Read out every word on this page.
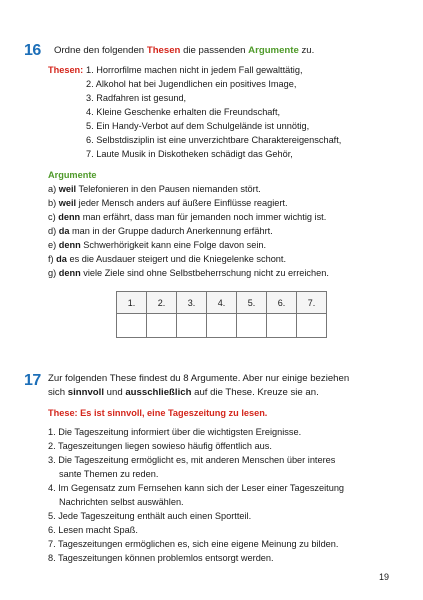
16 Ordne den folgenden Thesen die passenden Argumente zu.
Thesen: 1. Horrorfilme machen nicht in jedem Fall gewalttätig,
2. Alkohol hat bei Jugendlichen ein positives Image,
3. Radfahren ist gesund,
4. Kleine Geschenke erhalten die Freundschaft,
5. Ein Handy-Verbot auf dem Schulgelände ist unnötig,
6. Selbstdisziplin ist eine unverzichtbare Charaktereigenschaft,
7. Laute Musik in Diskotheken schädigt das Gehör,
Argumente
a) weil Telefonieren in den Pausen niemanden stört.
b) weil jeder Mensch anders auf äußere Einflüsse reagiert.
c) denn man erfährt, dass man für jemanden noch immer wichtig ist.
d) da man in der Gruppe dadurch Anerkennung erfährt.
e) denn Schwerhörigkeit kann eine Folge davon sein.
f) da es die Ausdauer steigert und die Kniegelenke schont.
g) denn viele Ziele sind ohne Selbstbeherrschung nicht zu erreichen.
1.	2.	3.	4.	5.	6.	7.

17 Zur folgenden These findest du 8 Argumente. Aber nur einige beziehen
sich sinnvoll und ausschließlich auf die These. Kreuze sie an.
These: Es ist sinnvoll, eine Tageszeitung zu lesen.
1. Die Tageszeitung informiert über die wichtigsten Ereignisse.
2. Tageszeitungen liegen sowieso häufig öffentlich aus.
3. Die Tageszeitung ermöglicht es, mit anderen Menschen über interes
sante Themen zu reden.
4. Im Gegensatz zum Fernsehen kann sich der Leser einer Tageszeitung
Nachrichten selbst auswählen.
5. Jede Tageszeitung enthält auch einen Sportteil.
6. Lesen macht Spaß.
7. Tageszeitungen ermöglichen es, sich eine eigene Meinung zu bilden.
8. Tageszeitungen können problemlos entsorgt werden.
19
